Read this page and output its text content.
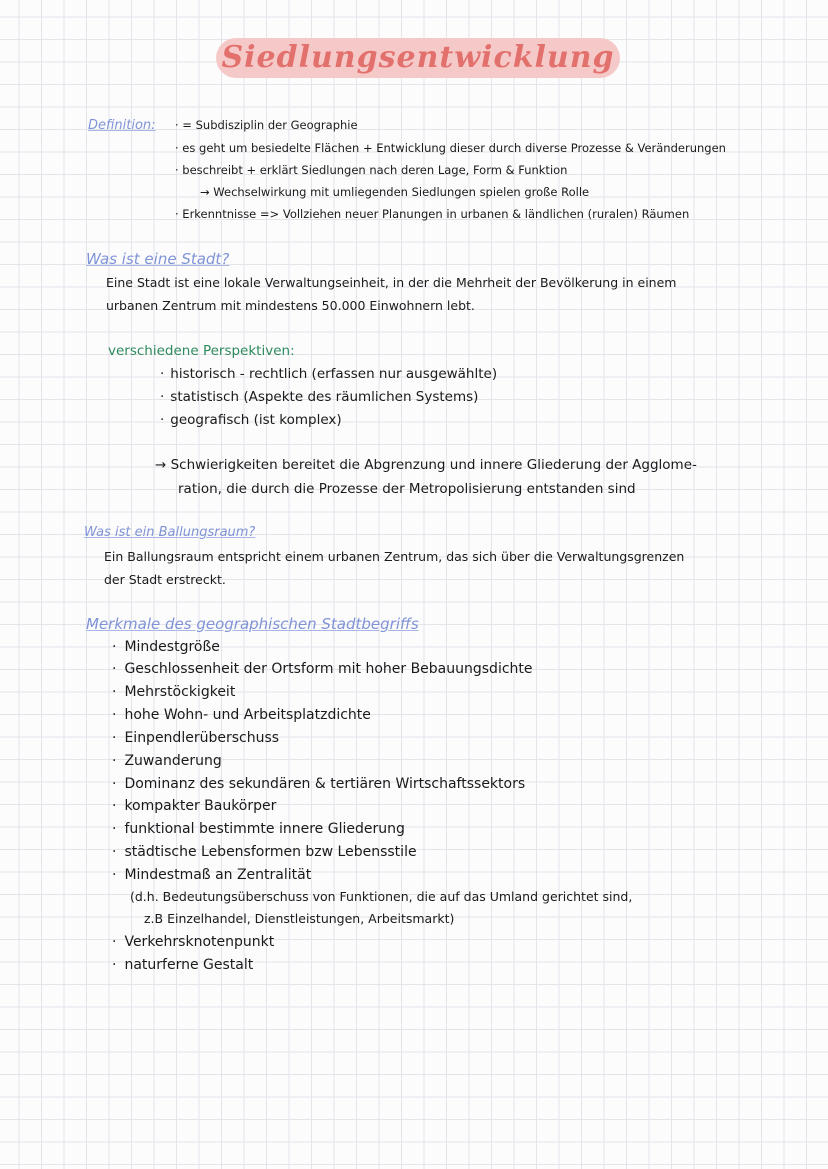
Siedlungsentwicklung
Definition: · = Subdisziplin der Geographie
· es geht um besiedelte Flächen + Entwicklung dieser durch diverse Prozesse & Veränderungen
· beschreibt + erklärt Siedlungen nach deren Lage, Form & Funktion
→ Wechselwirkung mit umliegenden Siedlungen spielen große Rolle
· Erkenntnisse => Vollziehen neuer Planungen in urbanen & ländlichen (ruralen) Räumen
Was ist eine Stadt?
Eine Stadt ist eine lokale Verwaltungseinheit, in der die Mehrheit der Bevölkerung in einem
urbanen Zentrum mit mindestens 50.000 Einwohnern lebt.
verschiedene Perspektiven:
· historisch - rechtlich (erfassen nur ausgewählte)
· statistisch (Aspekte des räumlichen Systems)
· geografisch (ist komplex)
→ Schwierigkeiten bereitet die Abgrenzung und innere Gliederung der Agglome-
ration, die durch die Prozesse der Metropolisierung entstanden sind
Was ist ein Ballungsraum?
Ein Ballungsraum entspricht einem urbanen Zentrum, das sich über die Verwaltungsgrenzen
der Stadt erstreckt.
Merkmale des geographischen Stadtbegriffs
· Mindestgröße
· Geschlossenheit der Ortsform mit hoher Bebauungsdichte
· Mehrstöckigkeit
· hohe Wohn- und Arbeitsplatzdichte
· Einpendlerüberschuss
· Zuwanderung
· Dominanz des sekundären & tertiären Wirtschaftssektors
· kompakter Baukörper
· funktional bestimmte innere Gliederung
· städtische Lebensformen bzw Lebensstile
· Mindestmaß an Zentralität
(d.h. Bedeutungsüberschuss von Funktionen, die auf das Umland gerichtet sind,
z.B Einzelhandel, Dienstleistungen, Arbeitsmarkt)
· Verkehrsknotenpunkt
· naturferne Gestalt
